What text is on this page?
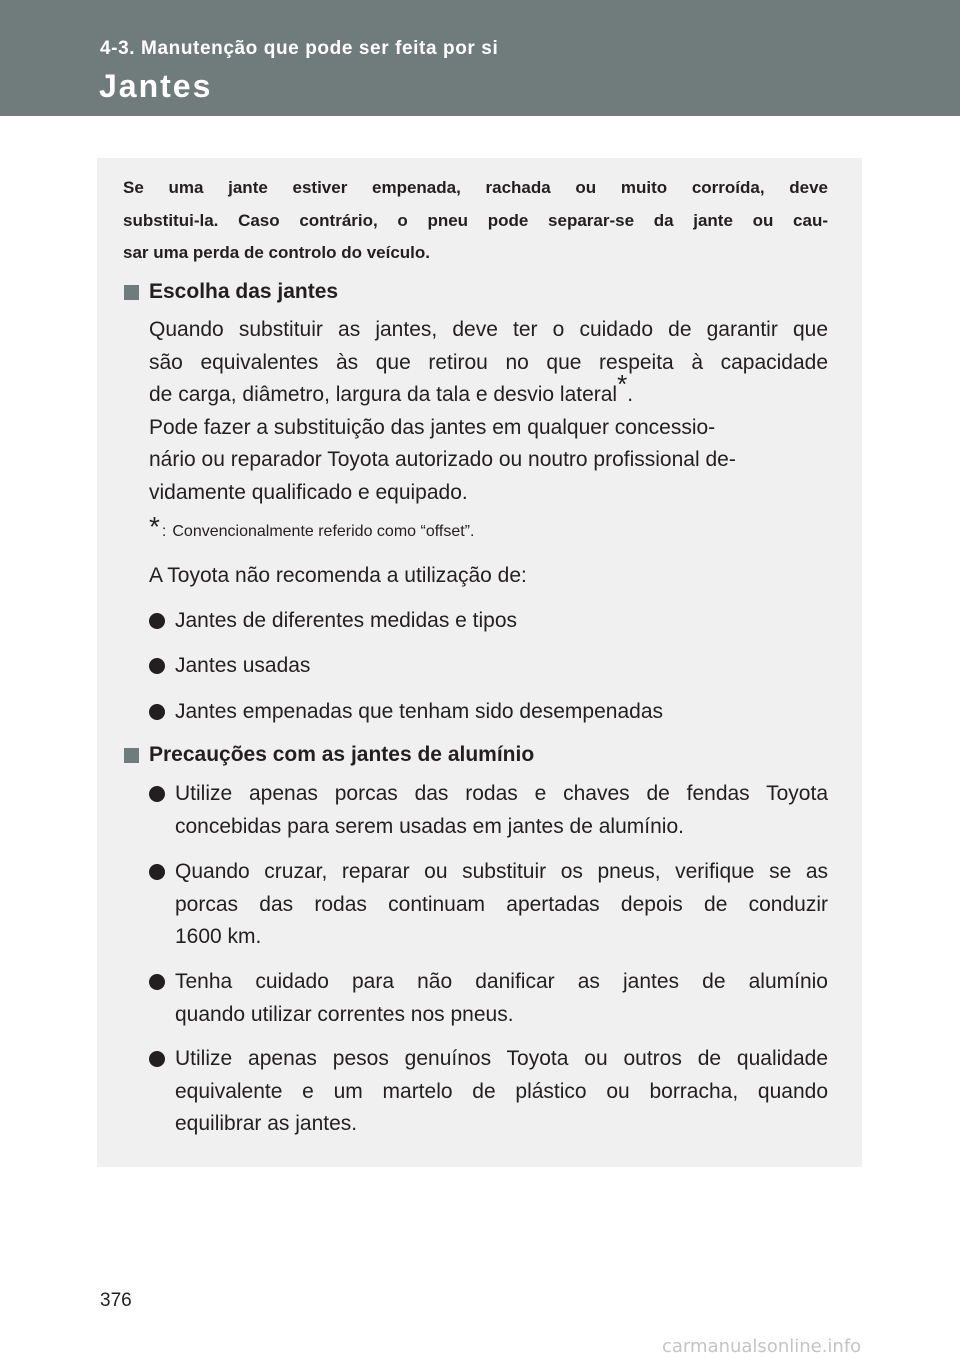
4-3. Manutenção que pode ser feita por si
Jantes
Se uma jante estiver empenada, rachada ou muito corroída, deve
substitui-la. Caso contrário, o pneu pode separar-se da jante ou cau-
sar uma perda de controlo do veículo.
Escolha das jantes
Quando substituir as jantes, deve ter o cuidado de garantir que
são equivalentes às que retirou no que respeita à capacidade
de carga, diâmetro, largura da tala e desvio lateral*.
Pode fazer a substituição das jantes em qualquer concessio-
nário ou reparador Toyota autorizado ou noutro profissional de-
vidamente qualificado e equipado.
* : Convencionalmente referido como “offset”.
A Toyota não recomenda a utilização de:
Jantes de diferentes medidas e tipos
Jantes usadas
Jantes empenadas que tenham sido desempenadas
Precauções com as jantes de alumínio
Utilize apenas porcas das rodas e chaves de fendas Toyota
concebidas para serem usadas em jantes de alumínio.
Quando cruzar, reparar ou substituir os pneus, verifique se as
porcas das rodas continuam apertadas depois de conduzir
1600 km.
Tenha cuidado para não danificar as jantes de alumínio
quando utilizar correntes nos pneus.
Utilize apenas pesos genuínos Toyota ou outros de qualidade
equivalente e um martelo de plástico ou borracha, quando
equilibrar as jantes.
376
carmanualsonline.info
